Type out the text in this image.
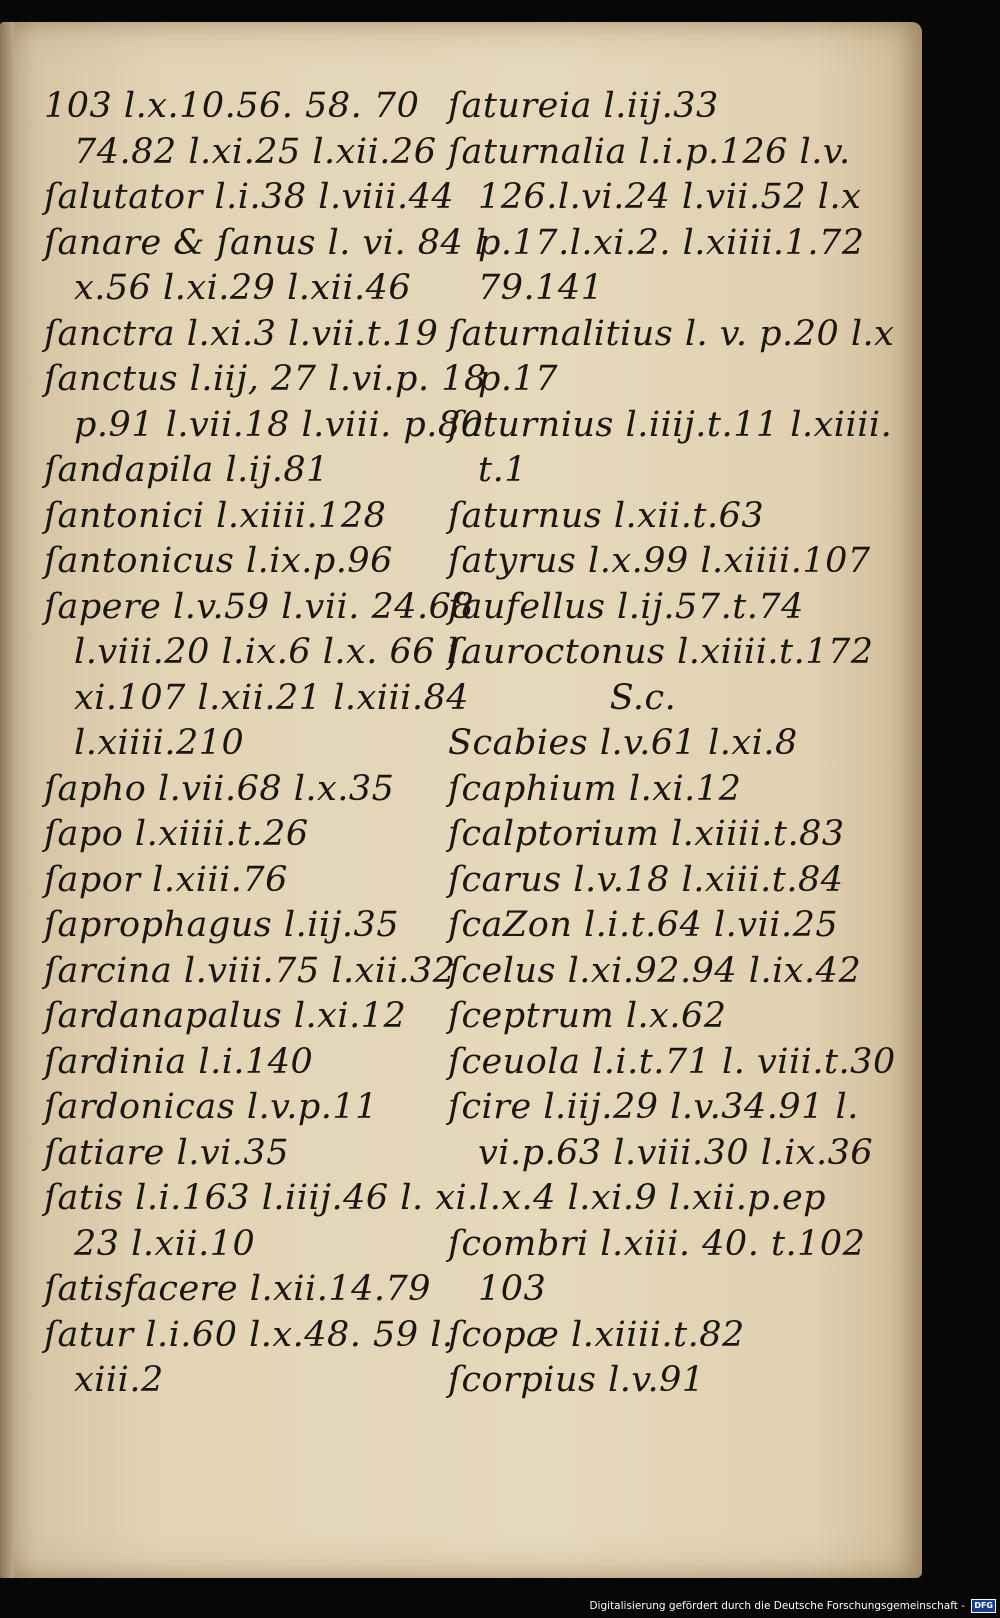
103 l.x.10.56. 58. 70
74.82 l.xi.25 l.xii.26
ſalutator l.i.38 l.viii.44
ſanare & ſanus l. vi. 84 l.
x.56 l.xi.29 l.xii.46
ſanctra l.xi.3 l.vii.t.19
ſanctus l.iij, 27 l.vi.p. 18
p.91 l.vii.18 l.viii. p.80
ſandapila l.ij.81
ſantonici l.xiiii.128
ſantonicus l.ix.p.96
ſapere l.v.59 l.vii. 24.68
l.viii.20 l.ix.6 l.x. 66 l.
xi.107 l.xii.21 l.xiii.84
l.xiiii.210
ſapho l.vii.68 l.x.35
ſapo l.xiiii.t.26
ſapor l.xiii.76
ſaprophagus l.iij.35
ſarcina l.viii.75 l.xii.32
ſardanapalus l.xi.12
ſardinia l.i.140
ſardonicas l.v.p.11
ſatiare l.vi.35
ſatis l.i.163 l.iiij.46 l. xi.
23 l.xii.10
ſatisfacere l.xii.14.79
ſatur l.i.60 l.x.48. 59 l.
xiii.2
ſatureia l.iij.33
ſaturnalia l.i.p.126 l.v.
126.l.vi.24 l.vii.52 l.x
p.17.l.xi.2. l.xiiii.1.72
79.141
ſaturnalitius l. v. p.20 l.x
p.17
ſaturnius l.iiij.t.11 l.xiiii.
t.1
ſaturnus l.xii.t.63
ſatyrus l.x.99 l.xiiii.107
ſaufellus l.ij.57.t.74
ſauroctonus l.xiiii.t.172
S.c.
Scabies l.v.61 l.xi.8
ſcaphium l.xi.12
ſcalptorium l.xiiii.t.83
ſcarus l.v.18 l.xiii.t.84
ſcaZon l.i.t.64 l.vii.25
ſcelus l.xi.92.94 l.ix.42
ſceptrum l.x.62
ſceuola l.i.t.71 l. viii.t.30
ſcire l.iij.29 l.v.34.91 l.
vi.p.63 l.viii.30 l.ix.36
l.x.4 l.xi.9 l.xii.p.ep
ſcombri l.xiii. 40. t.102
103
ſcopæ l.xiiii.t.82
ſcorpius l.v.91
Digitalisierung gefördert durch die Deutsche Forschungsgemeinschaft - DFG
